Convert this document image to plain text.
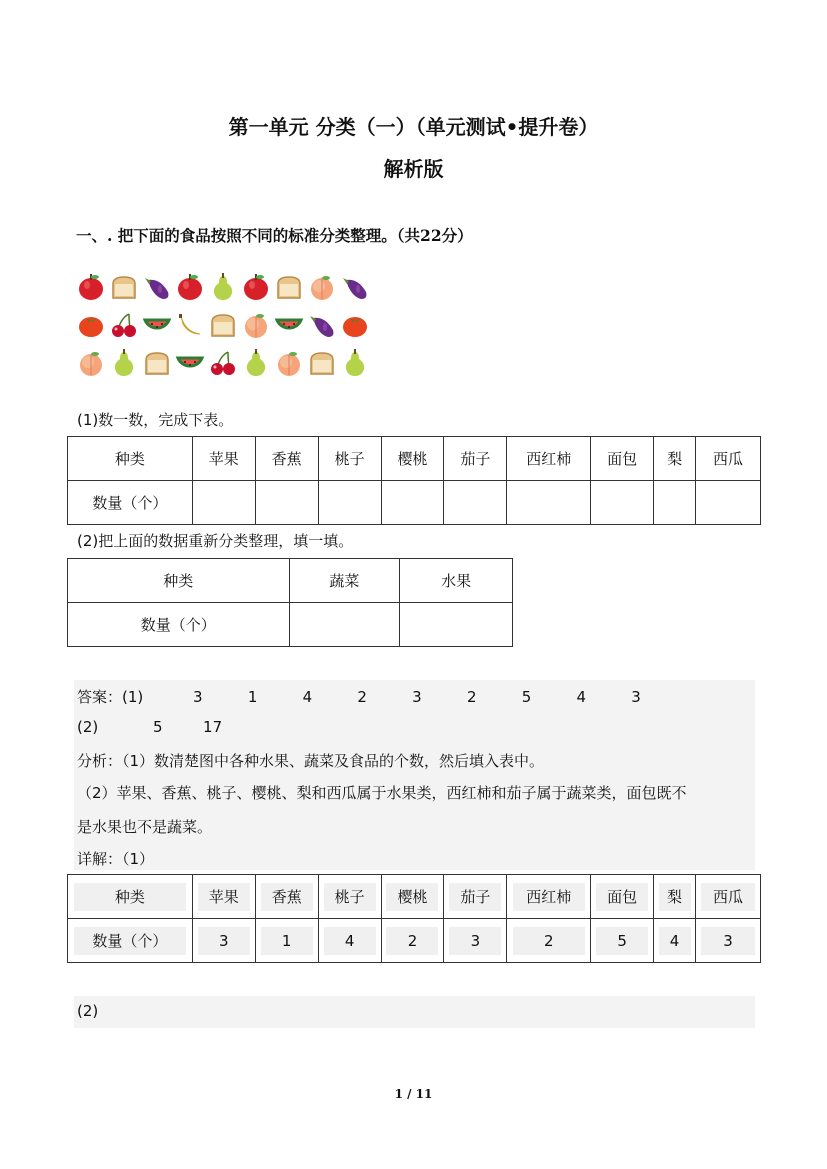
第一单元 分类（一）（单元测试•提升卷）
解析版
一、. 把下面的食品按照不同的标准分类整理。（共22分）
(1)数一数，完成下表。
种类	苹果	香蕉	桃子	樱桃	茄子	西红柿	面包	梨	西瓜
数量（个）									
(2)把上面的数据重新分类整理，填一填。
种类	蔬菜	水果
数量（个）		
答案：(1)	3	1	4	2	3	2	5	4	3
(2)	5	17
分析：（1）数清楚图中各种水果、蔬菜及食品的个数，然后填入表中。
（2）苹果、香蕉、桃子、樱桃、梨和西瓜属于水果类，西红柿和茄子属于蔬菜类，面包既不
是水果也不是蔬菜。
详解：（1）
种类	苹果	香蕉	桃子	樱桃	茄子	西红柿	面包	梨	西瓜
数量（个）	3	1	4	2	3	2	5	4	3
(2)
1 / 11
